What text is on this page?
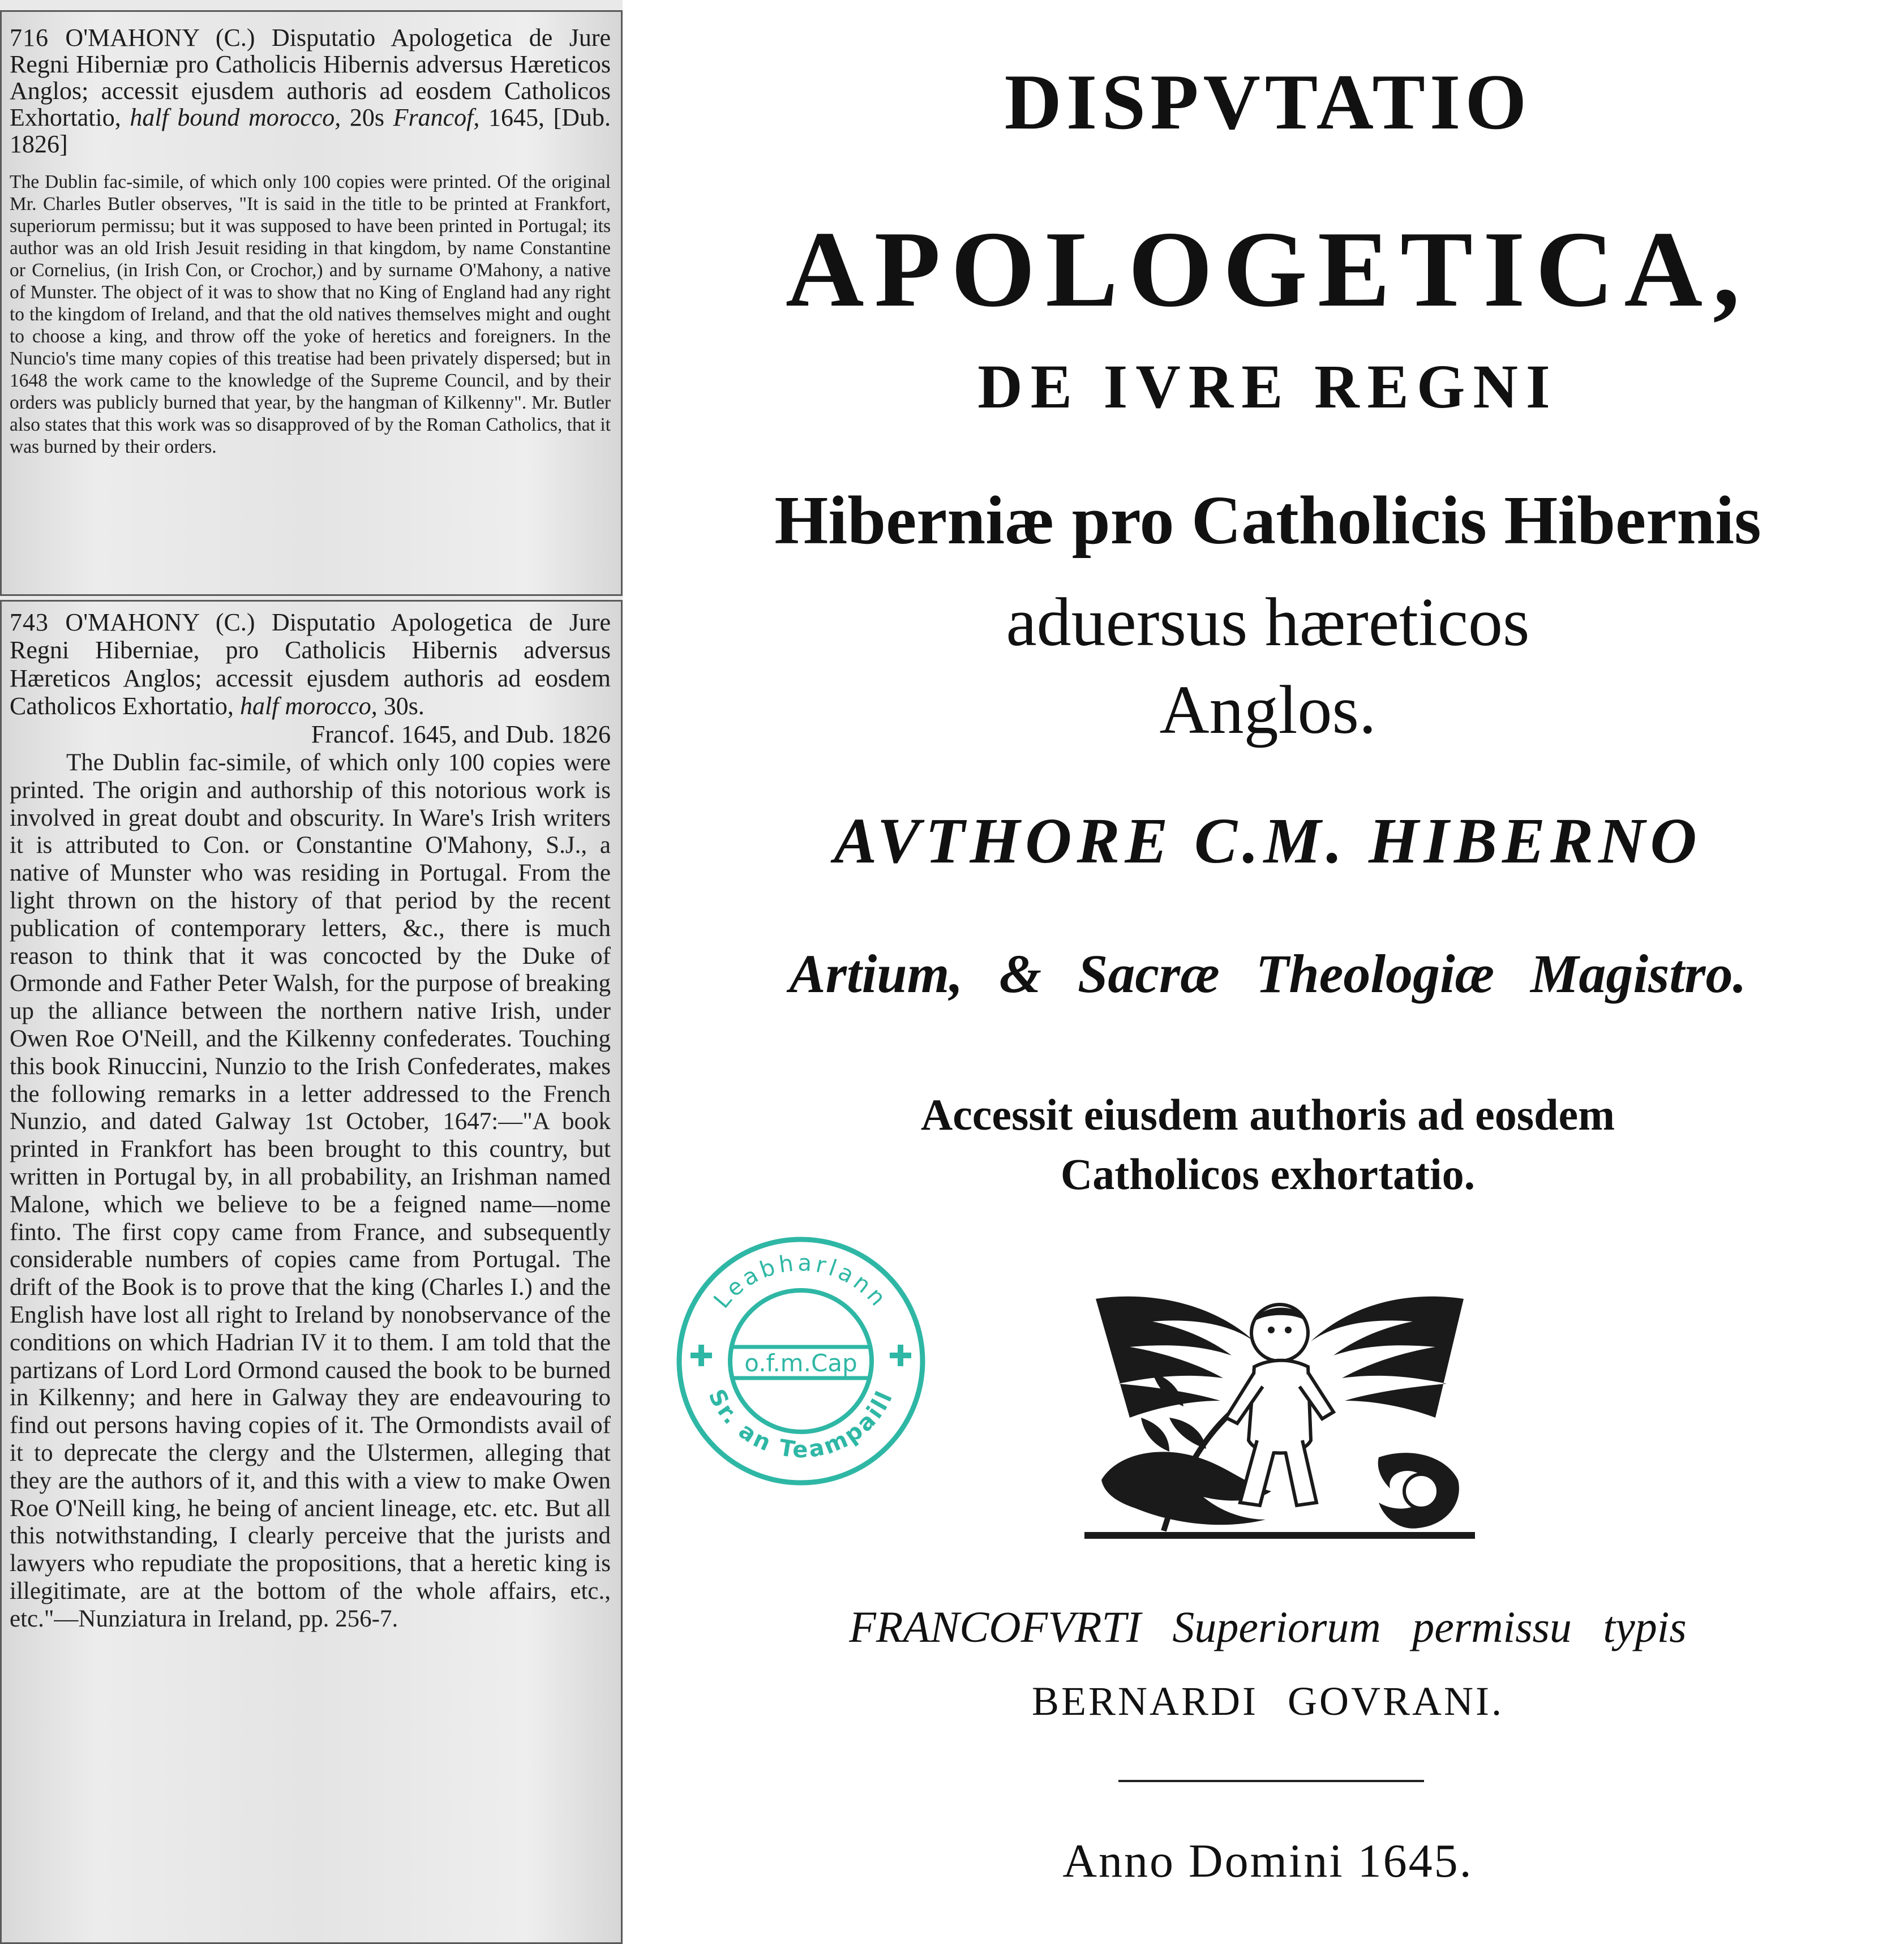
716 O'MAHONY (C.) Disputatio Apologetica de Jure Regni Hiberniæ pro Catholicis Hibernis adversus Hæreticos Anglos; accessit ejusdem authoris ad eosdem Catholicos Exhortatio, half bound morocco, 20s Francof, 1645, [Dub. 1826]

The Dublin fac-simile, of which only 100 copies were printed. Of the original Mr. Charles Butler observes, "It is said in the title to be printed at Frankfort, superiorum permissu; but it was supposed to have been printed in Portugal; its author was an old Irish Jesuit residing in that kingdom, by name Constantine or Cornelius, (in Irish Con, or Crochor,) and by surname O'Mahony, a native of Munster. The object of it was to show that no King of England had any right to the kingdom of Ireland, and that the old natives themselves might and ought to choose a king, and throw off the yoke of heretics and foreigners. In the Nuncio's time many copies of this treatise had been privately dispersed; but in 1648 the work came to the knowledge of the Supreme Council, and by their orders was publicly burned that year, by the hangman of Kilkenny". Mr. Butler also states that this work was so disapproved of by the Roman Catholics, that it was burned by their orders.

743 O'MAHONY (C.) Disputatio Apologetica de Jure Regni Hiberniae, pro Catholicis Hibernis adversus Hæreticos Anglos; accessit ejusdem authoris ad eosdem Catholicos Exhortatio, half morocco, 30s.
Francof. 1645, and Dub. 1826

The Dublin fac-simile, of which only 100 copies were printed. The origin and authorship of this notorious work is involved in great doubt and obscurity. In Ware's Irish writers it is attributed to Con. or Constantine O'Mahony, S.J., a native of Munster who was residing in Portugal. From the light thrown on the history of that period by the recent publication of contemporary letters, &c., there is much reason to think that it was concocted by the Duke of Ormonde and Father Peter Walsh, for the purpose of breaking up the alliance between the northern native Irish, under Owen Roe O'Neill, and the Kilkenny confederates. Touching this book Rinuccini, Nunzio to the Irish Confederates, makes the following remarks in a letter addressed to the French Nunzio, and dated Galway 1st October, 1647:—"A book printed in Frankfort has been brought to this country, but written in Portugal by, in all probability, an Irishman named Malone, which we believe to be a feigned name—nome finto. The first copy came from France, and subsequently considerable numbers of copies came from Portugal. The drift of the Book is to prove that the king (Charles I.) and the English have lost all right to Ireland by nonobservance of the conditions on which Hadrian IV it to them. I am told that the partizans of Lord Lord Ormond caused the book to be burned in Kilkenny; and here in Galway they are endeavouring to find out persons having copies of it. The Ormondists avail of it to deprecate the clergy and the Ulstermen, alleging that they are the authors of it, and this with a view to make Owen Roe O'Neill king, he being of ancient lineage, etc. etc. But all this notwithstanding, I clearly perceive that the jurists and lawyers who repudiate the propositions, that a heretic king is illegitimate, are at the bottom of the whole affairs, etc., etc."—Nunziatura in Ireland, pp. 256-7.

DISPVTATIO

APOLOGETICA,

DE IVRE REGNI

Hiberniæ pro Catholicis Hibernis

aduersus hæreticos

Anglos.

AVTHORE C.M. HIBERNO

Artium, & Sacræ Theologiæ Magistro.

Accessit eiusdem authoris ad eosdem

Catholicos exhortatio.

Leabharlann
o.f.m.Cap
Sr. an Teampaill

FRANCOFVRTI Superiorum permissu typis

BERNARDI GOVRANI.

Anno Domini 1645.
